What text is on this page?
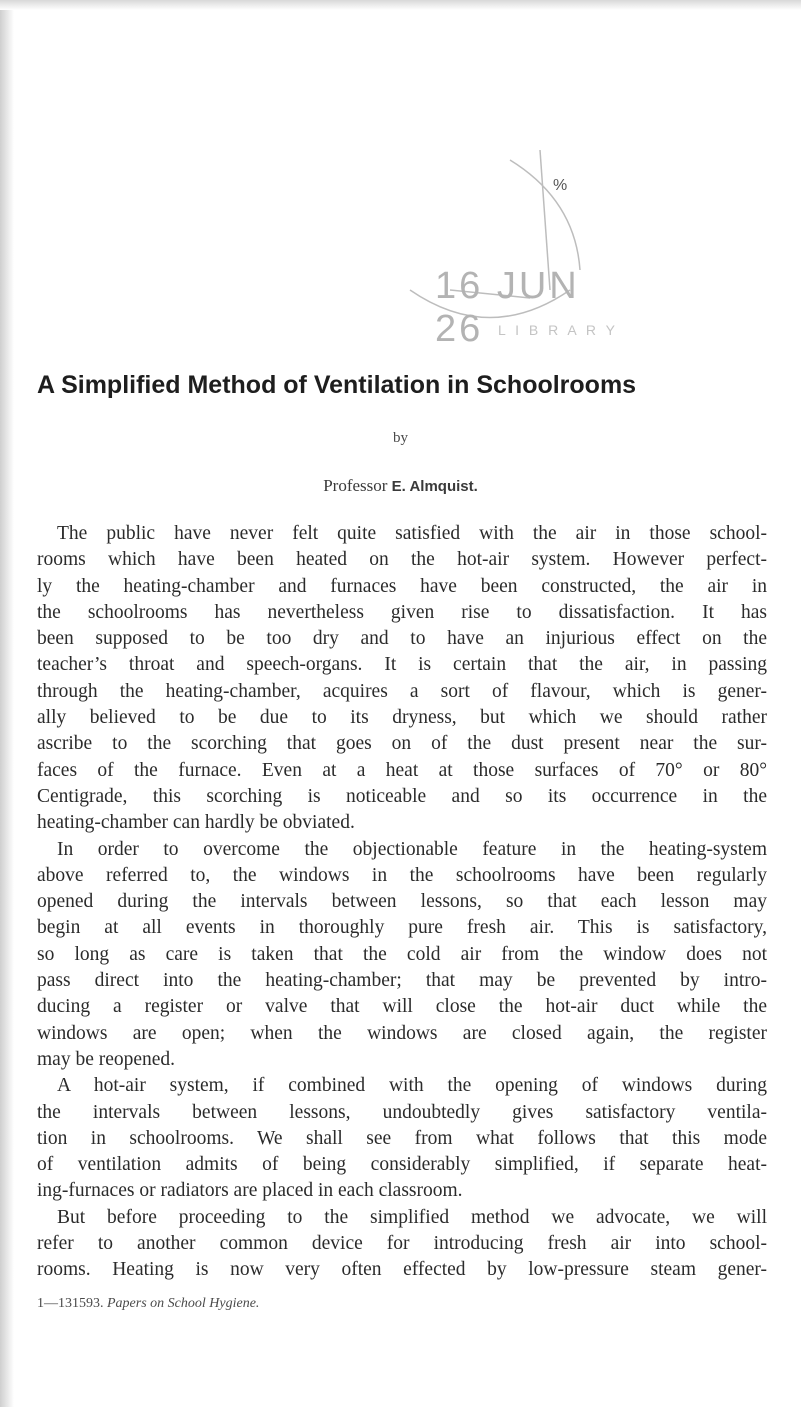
L I B R A R Y
%
16 JUN 26
A Simplified Method of Ventilation in Schoolrooms
by
Professor E. Almquist.
The public have never felt quite satisfied with the air in those school-
rooms which have been heated on the hot-air system. However perfect-
ly the heating-chamber and furnaces have been constructed, the air in
the schoolrooms has nevertheless given rise to dissatisfaction. It has
been supposed to be too dry and to have an injurious effect on the
teacher’s throat and speech-organs. It is certain that the air, in passing
through the heating-chamber, acquires a sort of flavour, which is gener-
ally believed to be due to its dryness, but which we should rather
ascribe to the scorching that goes on of the dust present near the sur-
faces of the furnace. Even at a heat at those surfaces of 70° or 80°
Centigrade, this scorching is noticeable and so its occurrence in the
heating-chamber can hardly be obviated.
In order to overcome the objectionable feature in the heating-system
above referred to, the windows in the schoolrooms have been regularly
opened during the intervals between lessons, so that each lesson may
begin at all events in thoroughly pure fresh air. This is satisfactory,
so long as care is taken that the cold air from the window does not
pass direct into the heating-chamber; that may be prevented by intro-
ducing a register or valve that will close the hot-air duct while the
windows are open; when the windows are closed again, the register
may be reopened.
A hot-air system, if combined with the opening of windows during
the intervals between lessons, undoubtedly gives satisfactory ventila-
tion in schoolrooms. We shall see from what follows that this mode
of ventilation admits of being considerably simplified, if separate heat-
ing-furnaces or radiators are placed in each classroom.
But before proceeding to the simplified method we advocate, we will
refer to another common device for introducing fresh air into school-
rooms. Heating is now very often effected by low-pressure steam gener-
1—131593. Papers on School Hygiene.
